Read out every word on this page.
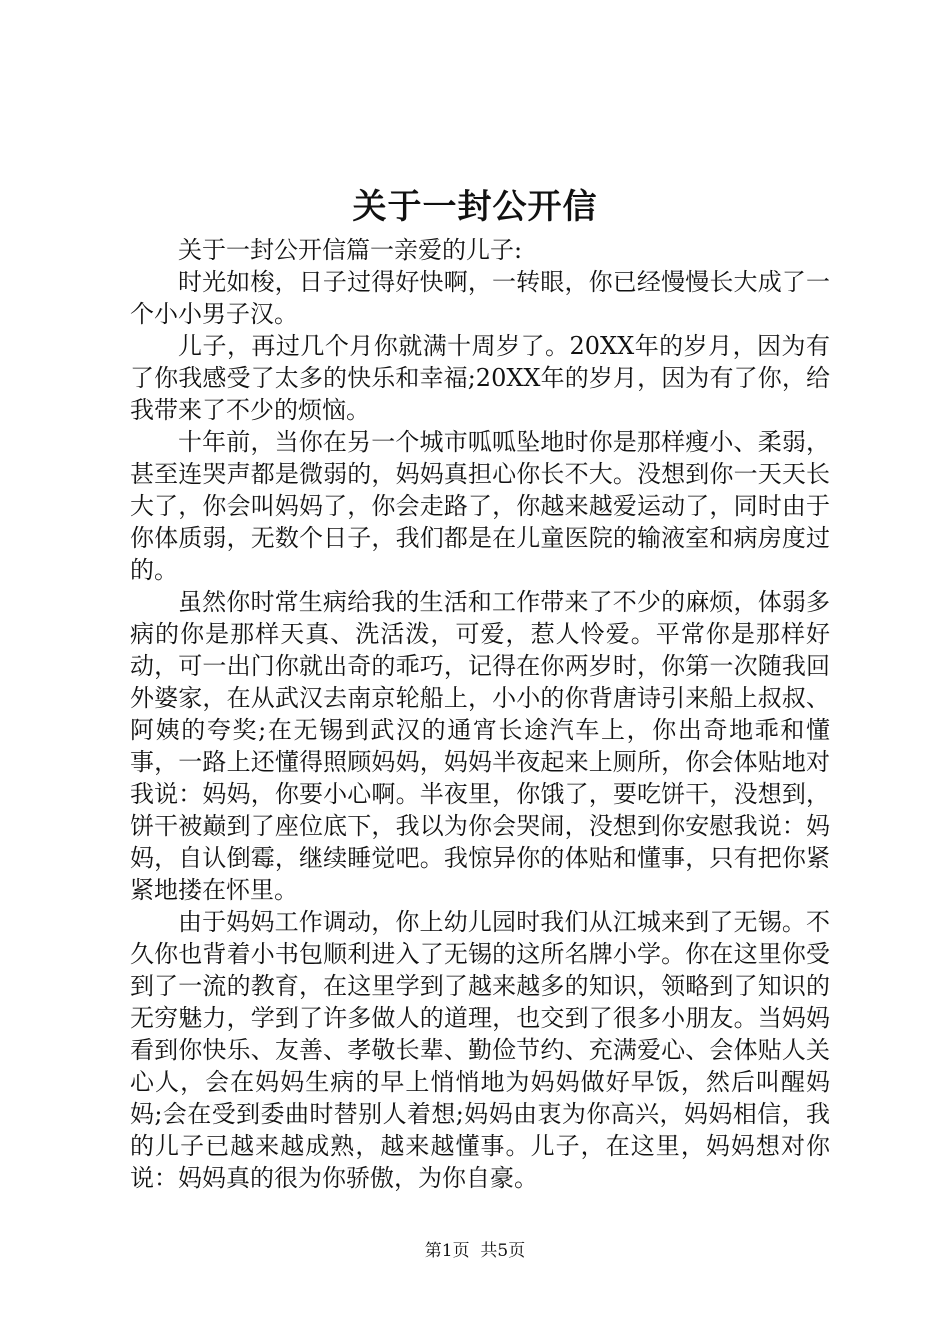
关于一封公开信

关于一封公开信篇一亲爱的儿子:

时光如梭，日子过得好快啊，一转眼，你已经慢慢长大成了一个小小男子汉。

儿子，再过几个月你就满十周岁了。20XX年的岁月，因为有了你我感受了太多的快乐和幸福;20XX年的岁月，因为有了你，给我带来了不少的烦恼。

十年前，当你在另一个城市呱呱坠地时你是那样瘦小、柔弱，甚至连哭声都是微弱的，妈妈真担心你长不大。没想到你一天天长大了，你会叫妈妈了，你会走路了，你越来越爱运动了，同时由于你体质弱，无数个日子，我们都是在儿童医院的输液室和病房度过的。

虽然你时常生病给我的生活和工作带来了不少的麻烦，体弱多病的你是那样天真、洗活泼，可爱，惹人怜爱。平常你是那样好动，可一出门你就出奇的乖巧，记得在你两岁时，你第一次随我回外婆家，在从武汉去南京轮船上，小小的你背唐诗引来船上叔叔、阿姨的夸奖;在无锡到武汉的通宵长途汽车上，你出奇地乖和懂事，一路上还懂得照顾妈妈，妈妈半夜起来上厕所，你会体贴地对我说：妈妈，你要小心啊。半夜里，你饿了，要吃饼干，没想到，饼干被巅到了座位底下，我以为你会哭闹，没想到你安慰我说：妈妈，自认倒霉，继续睡觉吧。我惊异你的体贴和懂事，只有把你紧紧地搂在怀里。

由于妈妈工作调动，你上幼儿园时我们从江城来到了无锡。不久你也背着小书包顺利进入了无锡的这所名牌小学。你在这里你受到了一流的教育，在这里学到了越来越多的知识，领略到了知识的无穷魅力，学到了许多做人的道理，也交到了很多小朋友。当妈妈看到你快乐、友善、孝敬长辈、勤俭节约、充满爱心、会体贴人关心人，会在妈妈生病的早上悄悄地为妈妈做好早饭，然后叫醒妈妈;会在受到委曲时替别人着想;妈妈由衷为你高兴，妈妈相信，我的儿子已越来越成熟，越来越懂事。儿子，在这里，妈妈想对你说：妈妈真的很为你骄傲，为你自豪。

第1页  共5页
